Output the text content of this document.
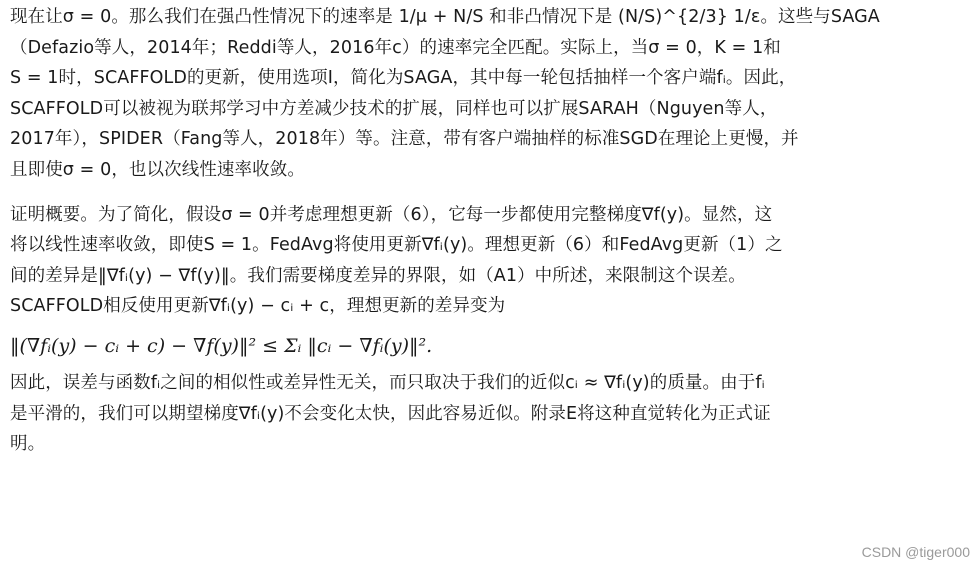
现在让σ = 0。那么我们在强凸性情况下的速率是 1/μ + N/S 和非凸情况下是 (N/S)^{2/3} 1/ε。这些与SAGA

（Defazio等人，2014年；Reddi等人，2016年c）的速率完全匹配。实际上，当σ = 0，K = 1和

S = 1时，SCAFFOLD的更新，使用选项I，简化为SAGA，其中每一轮包括抽样一个客户端fᵢ。因此，

SCAFFOLD可以被视为联邦学习中方差减少技术的扩展，同样也可以扩展SARAH（Nguyen等人，

2017年），SPIDER（Fang等人，2018年）等。注意，带有客户端抽样的标准SGD在理论上更慢，并

且即使σ = 0，也以次线性速率收敛。

证明概要。为了简化，假设σ = 0并考虑理想更新（6），它每一步都使用完整梯度∇f(y)。显然，这

将以线性速率收敛，即使S = 1。FedAvg将使用更新∇fᵢ(y)。理想更新（6）和FedAvg更新（1）之

间的差异是‖∇fᵢ(y) − ∇f(y)‖。我们需要梯度差异的界限，如（A1）中所述，来限制这个误差。

SCAFFOLD相反使用更新∇fᵢ(y) − cᵢ + c，理想更新的差异变为

‖(∇fᵢ(y) − cᵢ + c) − ∇f(y)‖² ≤ Σᵢ ‖cᵢ − ∇fᵢ(y)‖².

因此，误差与函数fᵢ之间的相似性或差异性无关，而只取决于我们的近似cᵢ ≈ ∇fᵢ(y)的质量。由于fᵢ

是平滑的，我们可以期望梯度∇fᵢ(y)不会变化太快，因此容易近似。附录E将这种直觉转化为正式证

明。

CSDN @tiger000
